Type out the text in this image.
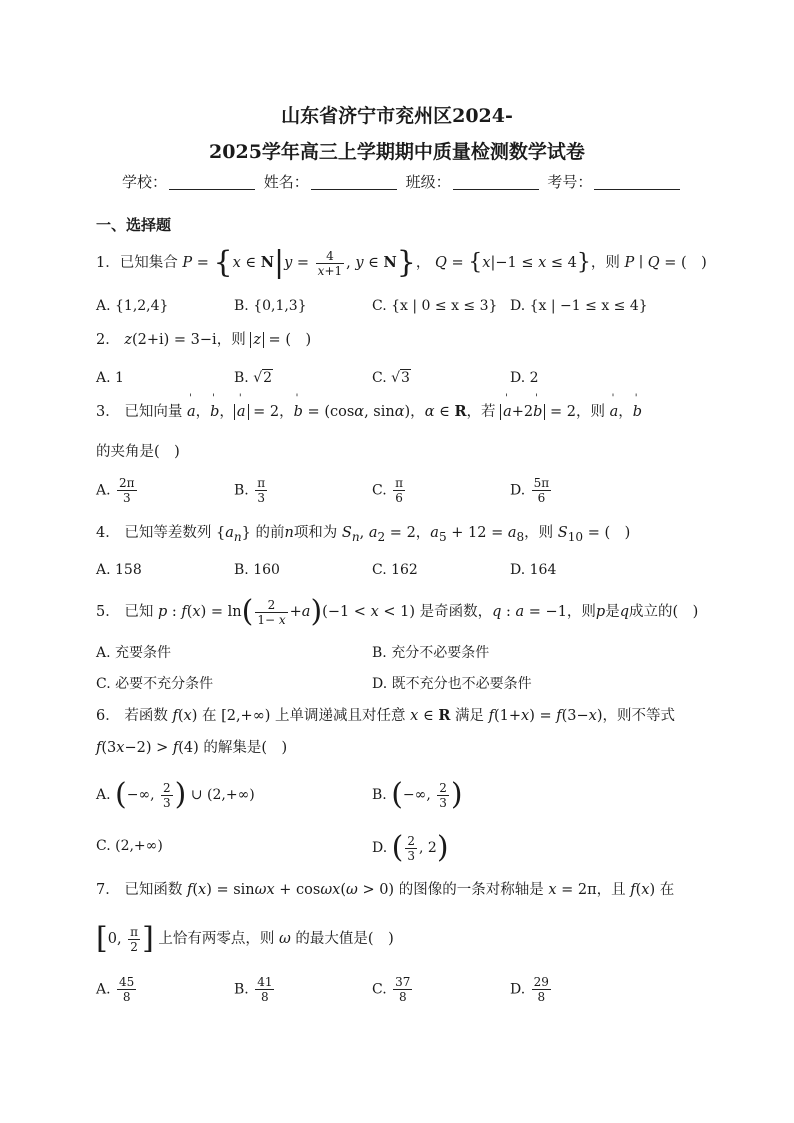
山东省济宁市兖州区2024-
2025学年高三上学期期中质量检测数学试卷
学校：	姓名：	班级：	考号：
一、选择题
1．已知集合 P = {x ∈ $N|y = \frac{4}{x+1}$ , y ∈ N}， Q = {x|−1 ≤ x ≤ 4}，则 P ∣ Q = (　)
A. {1,2,4}	B. {0,1,3}	C. {x | 0 ≤ x ≤ 3} D. {x | −1 ≤ x ≤ 4}
2． z(2+i) = 3−i，则 z = (　)
A. 1	B. √2	C. √3	D. 2
3． 已知向量 ' a，' b，' a = 2，' b = (cosα, sinα)，α ∈ R，若 ' a+2' b = 2，则 ' a，' b
的夹角是(　)
A. $\frac{2\pi}{3}$	B. $\frac{\pi}{3}$	C. $\frac{\pi}{6}$	D. $\frac{5\pi}{6}$
4． 已知等差数列 $\{a_n\}$ 的前n项和为 $S_n$, $a_2 = 2$，$a_5 + 12 = a_8$，则 $S_{10}$ = (　)
A. 158	B. 160	C. 162	D. 164
5． 已知 p : $f(x) = \ln( \frac{2}{1- x} +a)(-1 < x < 1)$ 是奇函数，q : a = −1，则p是q成立的(　)
A. 充要条件	B. 充分不必要条件
C. 必要不充分条件	D. 既不充分也不必要条件
6． 若函数 f(x) 在 [2,+∞) 上单调递减且对任意 x ∈ R 满足 f(1+x) = f(3−x)，则不等式
f(3x−2) > f(4) 的解集是(　)
A. (−∞, $\frac{2}{3}$ ) ∪ (2,+∞)	B. (−∞, $\frac{2}{3}$ )
C. (2,+∞)	D. ( $\frac{2}{3}$ , 2)
7． 已知函数 f(x) = sinωx + cosωx(ω > 0) 的图像的一条对称轴是 x = 2π，且 f(x) 在
[0, $\frac{\pi}{2}$ ] 上恰有两零点，则 ω 的最大值是(　)
A. $\frac{45}{8}$	B. $\frac{41}{8}$	C. $\frac{37}{8}$	D. $\frac{29}{8}$
